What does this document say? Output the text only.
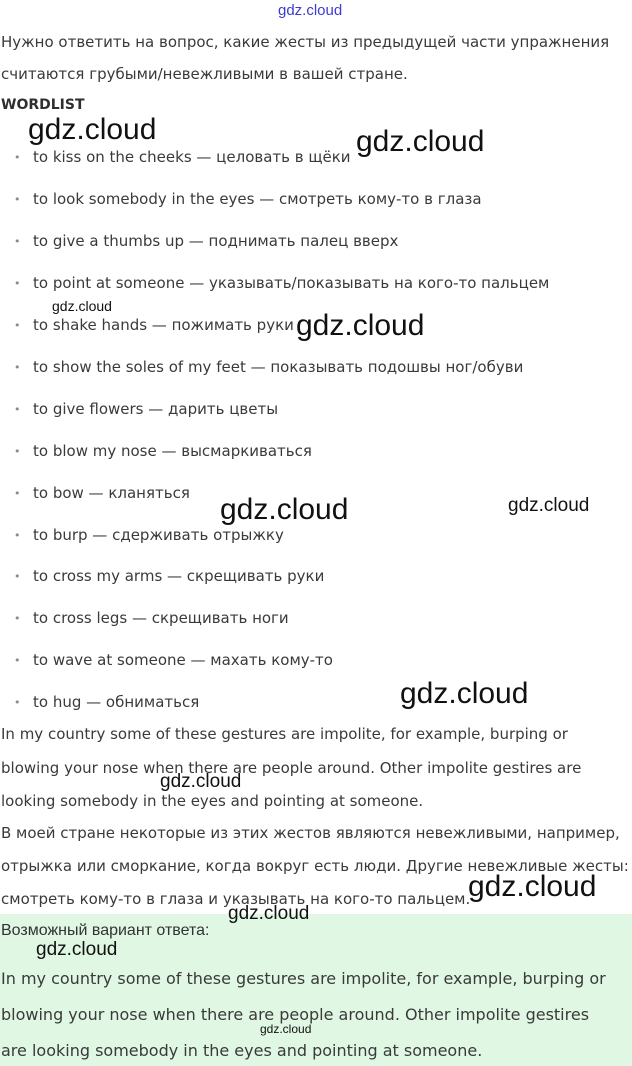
gdz.cloud
Нужно ответить на вопрос, какие жесты из предыдущей части упражнения
считаются грубыми/невежливыми в вашей стране.
WORDLIST
• to kiss on the cheeks — целовать в щёки
• to look somebody in the eyes — смотреть кому-то в глаза
• to give a thumbs up — поднимать палец вверх
• to point at someone — указывать/показывать на кого-то пальцем
• to shake hands — пожимать руки
• to show the soles of my feet — показывать подошвы ног/обуви
• to give flowers — дарить цветы
• to blow my nose — высмаркиваться
• to bow — кланяться
• to burp — сдерживать отрыжку
• to cross my arms — скрещивать руки
• to cross legs — скрещивать ноги
• to wave at someone — махать кому-то
• to hug — обниматься
In my country some of these gestures are impolite, for example, burping or
blowing your nose when there are people around. Other impolite gestires are
looking somebody in the eyes and pointing at someone.
В моей стране некоторые из этих жестов являются невежливыми, например,
отрыжка или сморкание, когда вокруг есть люди. Другие невежливые жесты:
смотреть кому-то в глаза и указывать на кого-то пальцем.
Возможный вариант ответа:
In my country some of these gestures are impolite, for example, burping or
blowing your nose when there are people around. Other impolite gestires
are looking somebody in the eyes and pointing at someone.
gdz.cloud	gdz.cloud
gdz.cloud
gdz.cloud
gdz.cloud	gdz.cloud
gdz.cloud
gdz.cloud
gdz.cloud
gdz.cloud
gdz.cloud
gdz.cloud
